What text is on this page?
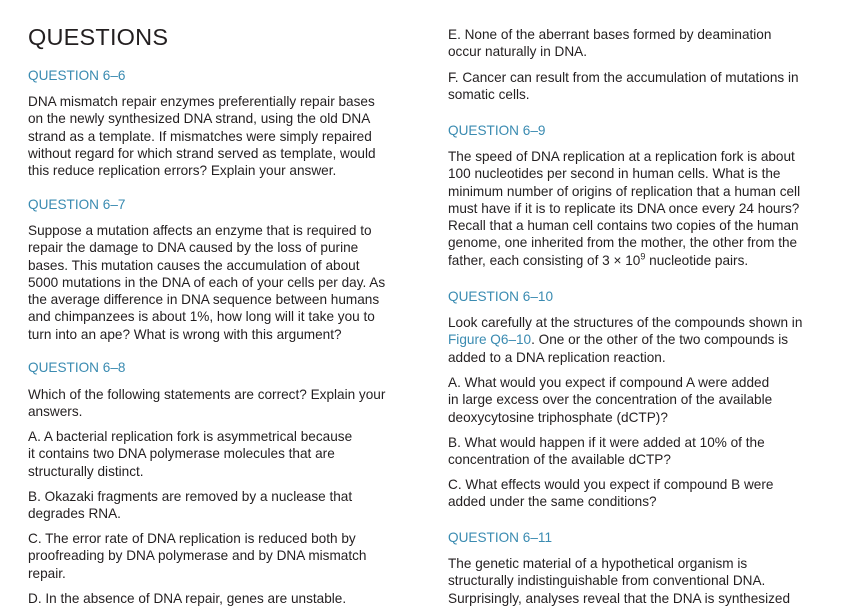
QUESTIONS
QUESTION 6–6

DNA mismatch repair enzymes preferentially repair bases
on the newly synthesized DNA strand, using the old DNA
strand as a template. If mismatches were simply repaired
without regard for which strand served as template, would
this reduce replication errors? Explain your answer.

QUESTION 6–7

Suppose a mutation affects an enzyme that is required to
repair the damage to DNA caused by the loss of purine
bases. This mutation causes the accumulation of about
5000 mutations in the DNA of each of your cells per day. As
the average difference in DNA sequence between humans
and chimpanzees is about 1%, how long will it take you to
turn into an ape? What is wrong with this argument?

QUESTION 6–8

Which of the following statements are correct? Explain your
answers.

A. A bacterial replication fork is asymmetrical because
it contains two DNA polymerase molecules that are
structurally distinct.

B. Okazaki fragments are removed by a nuclease that
degrades RNA.

C. The error rate of DNA replication is reduced both by
proofreading by DNA polymerase and by DNA mismatch
repair.

D. In the absence of DNA repair, genes are unstable.

E. None of the aberrant bases formed by deamination
occur naturally in DNA.

F. Cancer can result from the accumulation of mutations in
somatic cells.

QUESTION 6–9

The speed of DNA replication at a replication fork is about
100 nucleotides per second in human cells. What is the
minimum number of origins of replication that a human cell
must have if it is to replicate its DNA once every 24 hours?
Recall that a human cell contains two copies of the human
genome, one inherited from the mother, the other from the
father, each consisting of $3 \times 10^9$ nucleotide pairs.

QUESTION 6–10

Look carefully at the structures of the compounds shown in
Figure Q6–10. One or the other of the two compounds is
added to a DNA replication reaction.

A. What would you expect if compound A were added
in large excess over the concentration of the available
deoxycytosine triphosphate (dCTP)?

B. What would happen if it were added at 10% of the
concentration of the available dCTP?

C. What effects would you expect if compound B were
added under the same conditions?

QUESTION 6–11

The genetic material of a hypothetical organism is
structurally indistinguishable from conventional DNA.
Surprisingly, analyses reveal that the DNA is synthesized
